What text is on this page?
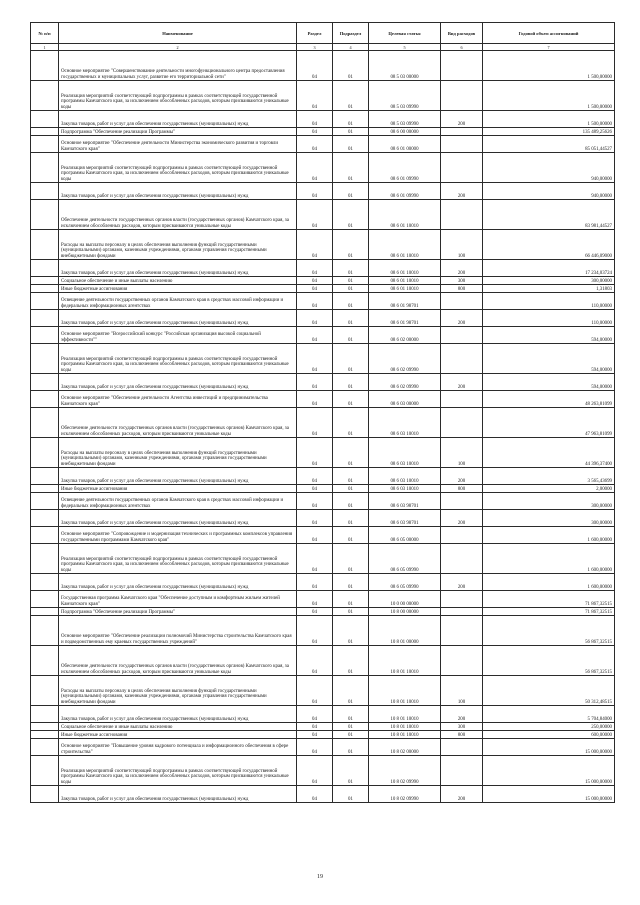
№ п/п	Наименование	Раздел	Подраздел	Целевая статья	Вид расходов	Годовой объем ассигнований
1	2	3	4	5	6	7
	Основное мероприятие "Совершенствование деятельности многофункционального центра предоставления государственных и муниципальных услуг, развитие его территориальной сети"	04	01	08 5 03 00000		1 500,00000
	Реализация мероприятий соответствующей подпрограммы в рамках соответствующей государственной программы Камчатского края, за исключением обособленных расходов, которым присваиваются уникальные коды	04	01	08 5 03 09990		1 500,00000
	Закупка товаров, работ и услуг для обеспечения государственных (муниципальных) нужд	04	01	08 5 03 09990	200	1 500,00000
	Подпрограмма "Обеспечение реализации Программы"	04	01	08 6 00 00000		135 489,25626
	Основное мероприятие "Обеспечение деятельности Министерства экономического развития и торговли Камчатского края"	04	01	08 6 01 00000		85 051,44527
	Реализация мероприятий соответствующей подпрограммы в рамках соответствующей государственной программы Камчатского края, за исключением обособленных расходов, которым присваиваются уникальные коды	04	01	08 6 01 09990		940,00000
	Закупка товаров, работ и услуг для обеспечения государственных (муниципальных) нужд	04	01	08 6 01 09990	200	940,00000
	Обеспечение деятельности государственных органов власти (государственных органов) Камчатского края, за исключением обособленных расходов, которым присваиваются уникальные коды	04	01	08 6 01 10010		83 981,44527
	Расходы на выплаты персоналу в целях обеспечения выполнения функций государственными (муниципальными) органами, казенными учреждениями, органами управления государственными внебюджетными фондами	04	01	08 6 01 10010	100	66 446,09000
	Закупка товаров, работ и услуг для обеспечения государственных (муниципальных) нужд	04	01	08 6 01 10010	200	17 234,03724
	Социальное обеспечение и иные выплаты населению	04	01	08 6 01 10010	300	300,00000
	Иные бюджетные ассигнования	04	01	08 6 01 10010	800	1,31803
	Освещение деятельности государственных органов Камчатского края в средствах массовой информации и федеральных информационных агентствах	04	01	08 6 01 98701		110,00000
	Закупка товаров, работ и услуг для обеспечения государственных (муниципальных) нужд	04	01	08 6 01 98701	200	110,00000
	Основное мероприятие "Всероссийский конкурс "Российская организация высокой социальной эффективности""	04	01	08 6 02 00000		594,00000
	Реализация мероприятий соответствующей подпрограммы в рамках соответствующей государственной программы Камчатского края, за исключением обособленных расходов, которым присваиваются уникальные коды	04	01	08 6 02 09990		594,00000
	Закупка товаров, работ и услуг для обеспечения государственных (муниципальных) нужд	04	01	08 6 02 09990	200	594,00000
	Основное мероприятие "Обеспечение деятельности Агентства инвестиций и предпринимательства Камчатского края"	04	01	08 6 03 00000		48 263,81099
	Обеспечение деятельности государственных органов власти (государственных органов) Камчатского края, за исключением обособленных расходов, которым присваиваются уникальные коды	04	01	08 6 03 10010		47 963,81099
	Расходы на выплаты персоналу в целях обеспечения выполнения функций государственными (муниципальными) органами, казенными учреждениями, органами управления государственными внебюджетными фондами	04	01	08 6 03 10010	100	44 396,37400
	Закупка товаров, работ и услуг для обеспечения государственных (муниципальных) нужд	04	01	08 6 03 10010	200	3 565,43699
	Иные бюджетные ассигнования	04	01	08 6 03 10010	800	2,00000
	Освещение деятельности государственных органов Камчатского края в средствах массовой информации и федеральных информационных агентствах	04	01	08 6 03 98701		300,00000
	Закупка товаров, работ и услуг для обеспечения государственных (муниципальных) нужд	04	01	08 6 03 98701	200	300,00000
	Основное мероприятие "Сопровождение и модернизация технических и программных комплексов управления государственными программами Камчатского края"	04	01	08 6 05 00000		1 600,00000
	Реализация мероприятий соответствующей подпрограммы в рамках соответствующей государственной программы Камчатского края, за исключением обособленных расходов, которым присваиваются уникальные коды	04	01	08 6 05 09990		1 600,00000
	Закупка товаров, работ и услуг для обеспечения государственных (муниципальных) нужд	04	01	08 6 05 09990	200	1 600,00000
	Государственная программа Камчатского края "Обеспечение доступным и комфортным жильем жителей Камчатского края"	04	01	10 0 00 00000		71 867,32515
	Подпрограмма "Обеспечение реализации Программы"	04	01	10 8 00 00000		71 867,32515
	Основное мероприятие "Обеспечение реализации полномочий Министерства строительства Камчатского края и подведомственных ему краевых государственных учреждений"	04	01	10 8 01 00000		56 867,32515
	Обеспечение деятельности государственных органов власти (государственных органов) Камчатского края, за исключением обособленных расходов, которым присваиваются уникальные коды	04	01	10 8 01 10010		56 867,32515
	Расходы на выплаты персоналу в целях обеспечения выполнения функций государственными (муниципальными) органами, казенными учреждениями, органами управления государственными внебюджетными фондами	04	01	10 8 01 10010	100	50 312,48515
	Закупка товаров, работ и услуг для обеспечения государственных (муниципальных) нужд	04	01	10 8 01 10010	200	5 704,84000
	Социальное обеспечение и иные выплаты населению	04	01	10 8 01 10010	300	250,00000
	Иные бюджетные ассигнования	04	01	10 8 01 10010	800	600,00000
	Основное мероприятие "Повышение уровня кадрового потенциала и информационного обеспечения в сфере строительства"	04	01	10 8 02 00000		15 000,00000
	Реализация мероприятий соответствующей подпрограммы в рамках соответствующей государственной программы Камчатского края, за исключением обособленных расходов, которым присваиваются уникальные коды	04	01	10 8 02 09990		15 000,00000
	Закупка товаров, работ и услуг для обеспечения государственных (муниципальных) нужд	04	01	10 8 02 09990	200	15 000,00000
19
